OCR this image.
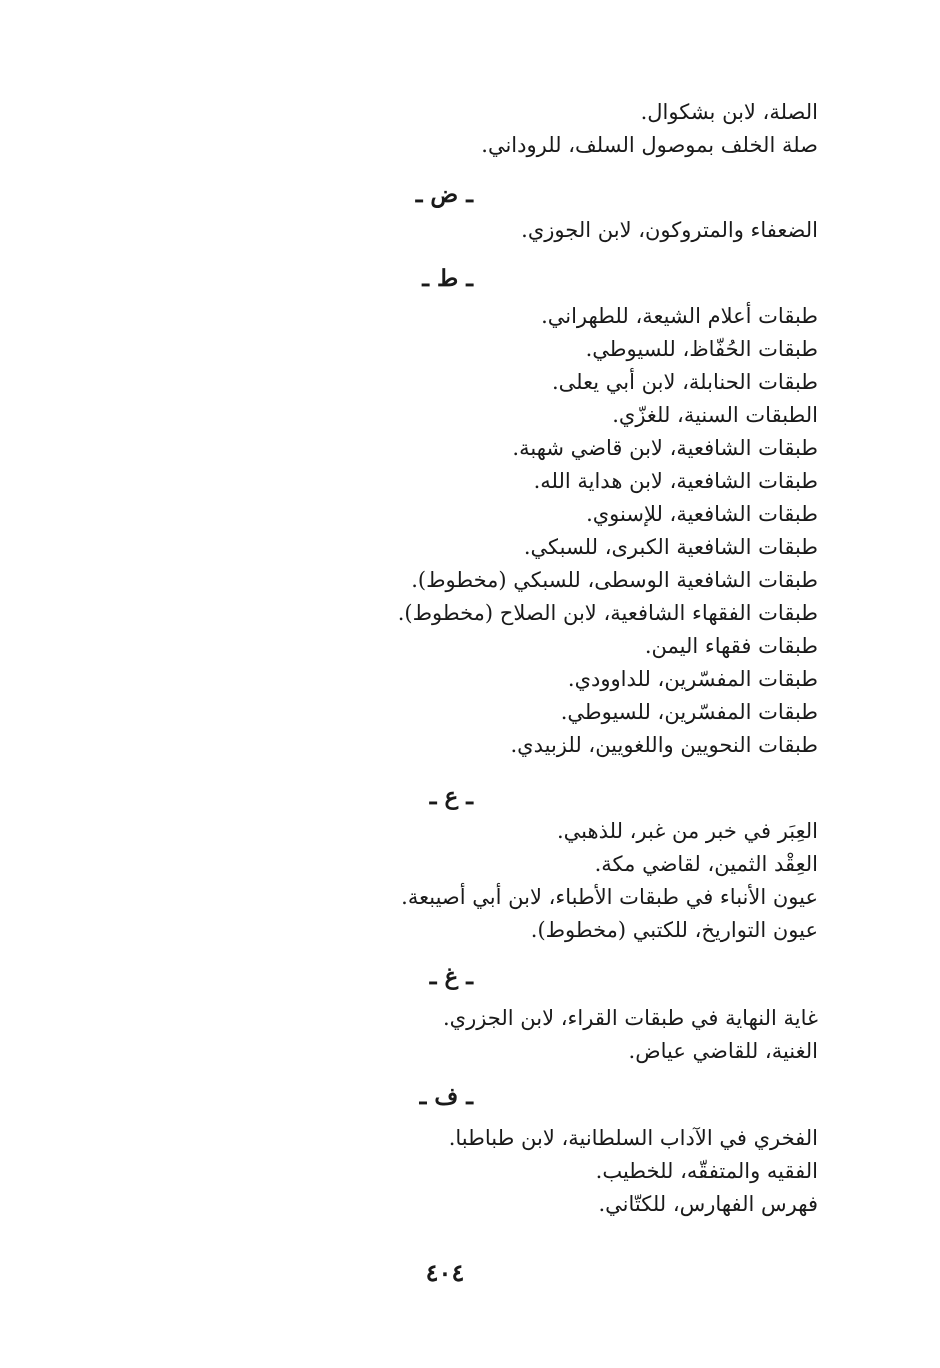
الصلة، لابن بشكوال.

صلة الخلف بموصول السلف، للروداني.

ـ ض ـ

الضعفاء والمتروكون، لابن الجوزي.

ـ ط ـ

طبقات أعلام الشيعة، للطهراني.

طبقات الحُفّاظ، للسيوطي.

طبقات الحنابلة، لابن أبي يعلى.

الطبقات السنية، للغزّي.

طبقات الشافعية، لابن قاضي شهبة.

طبقات الشافعية، لابن هداية الله.

طبقات الشافعية، للإسنوي.

طبقات الشافعية الكبرى، للسبكي.

طبقات الشافعية الوسطى، للسبكي (مخطوط).

طبقات الفقهاء الشافعية، لابن الصلاح (مخطوط).

طبقات فقهاء اليمن.

طبقات المفسّرين، للداوودي.

طبقات المفسّرين، للسيوطي.

طبقات النحويين واللغويين، للزبيدي.

ـ ع ـ

العِبَر في خبر من غبر، للذهبي.

العِقْد الثمين، لقاضي مكة.

عيون الأنباء في طبقات الأطباء، لابن أبي أصيبعة.

عيون التواريخ، للكتبي (مخطوط).

ـ غ ـ

غاية النهاية في طبقات القراء، لابن الجزري.

الغنية، للقاضي عياض.

ـ ف ـ

الفخري في الآداب السلطانية، لابن طباطبا.

الفقيه والمتفقّه، للخطيب.

فهرس الفهارس، للكتّاني.

٤٠٤
